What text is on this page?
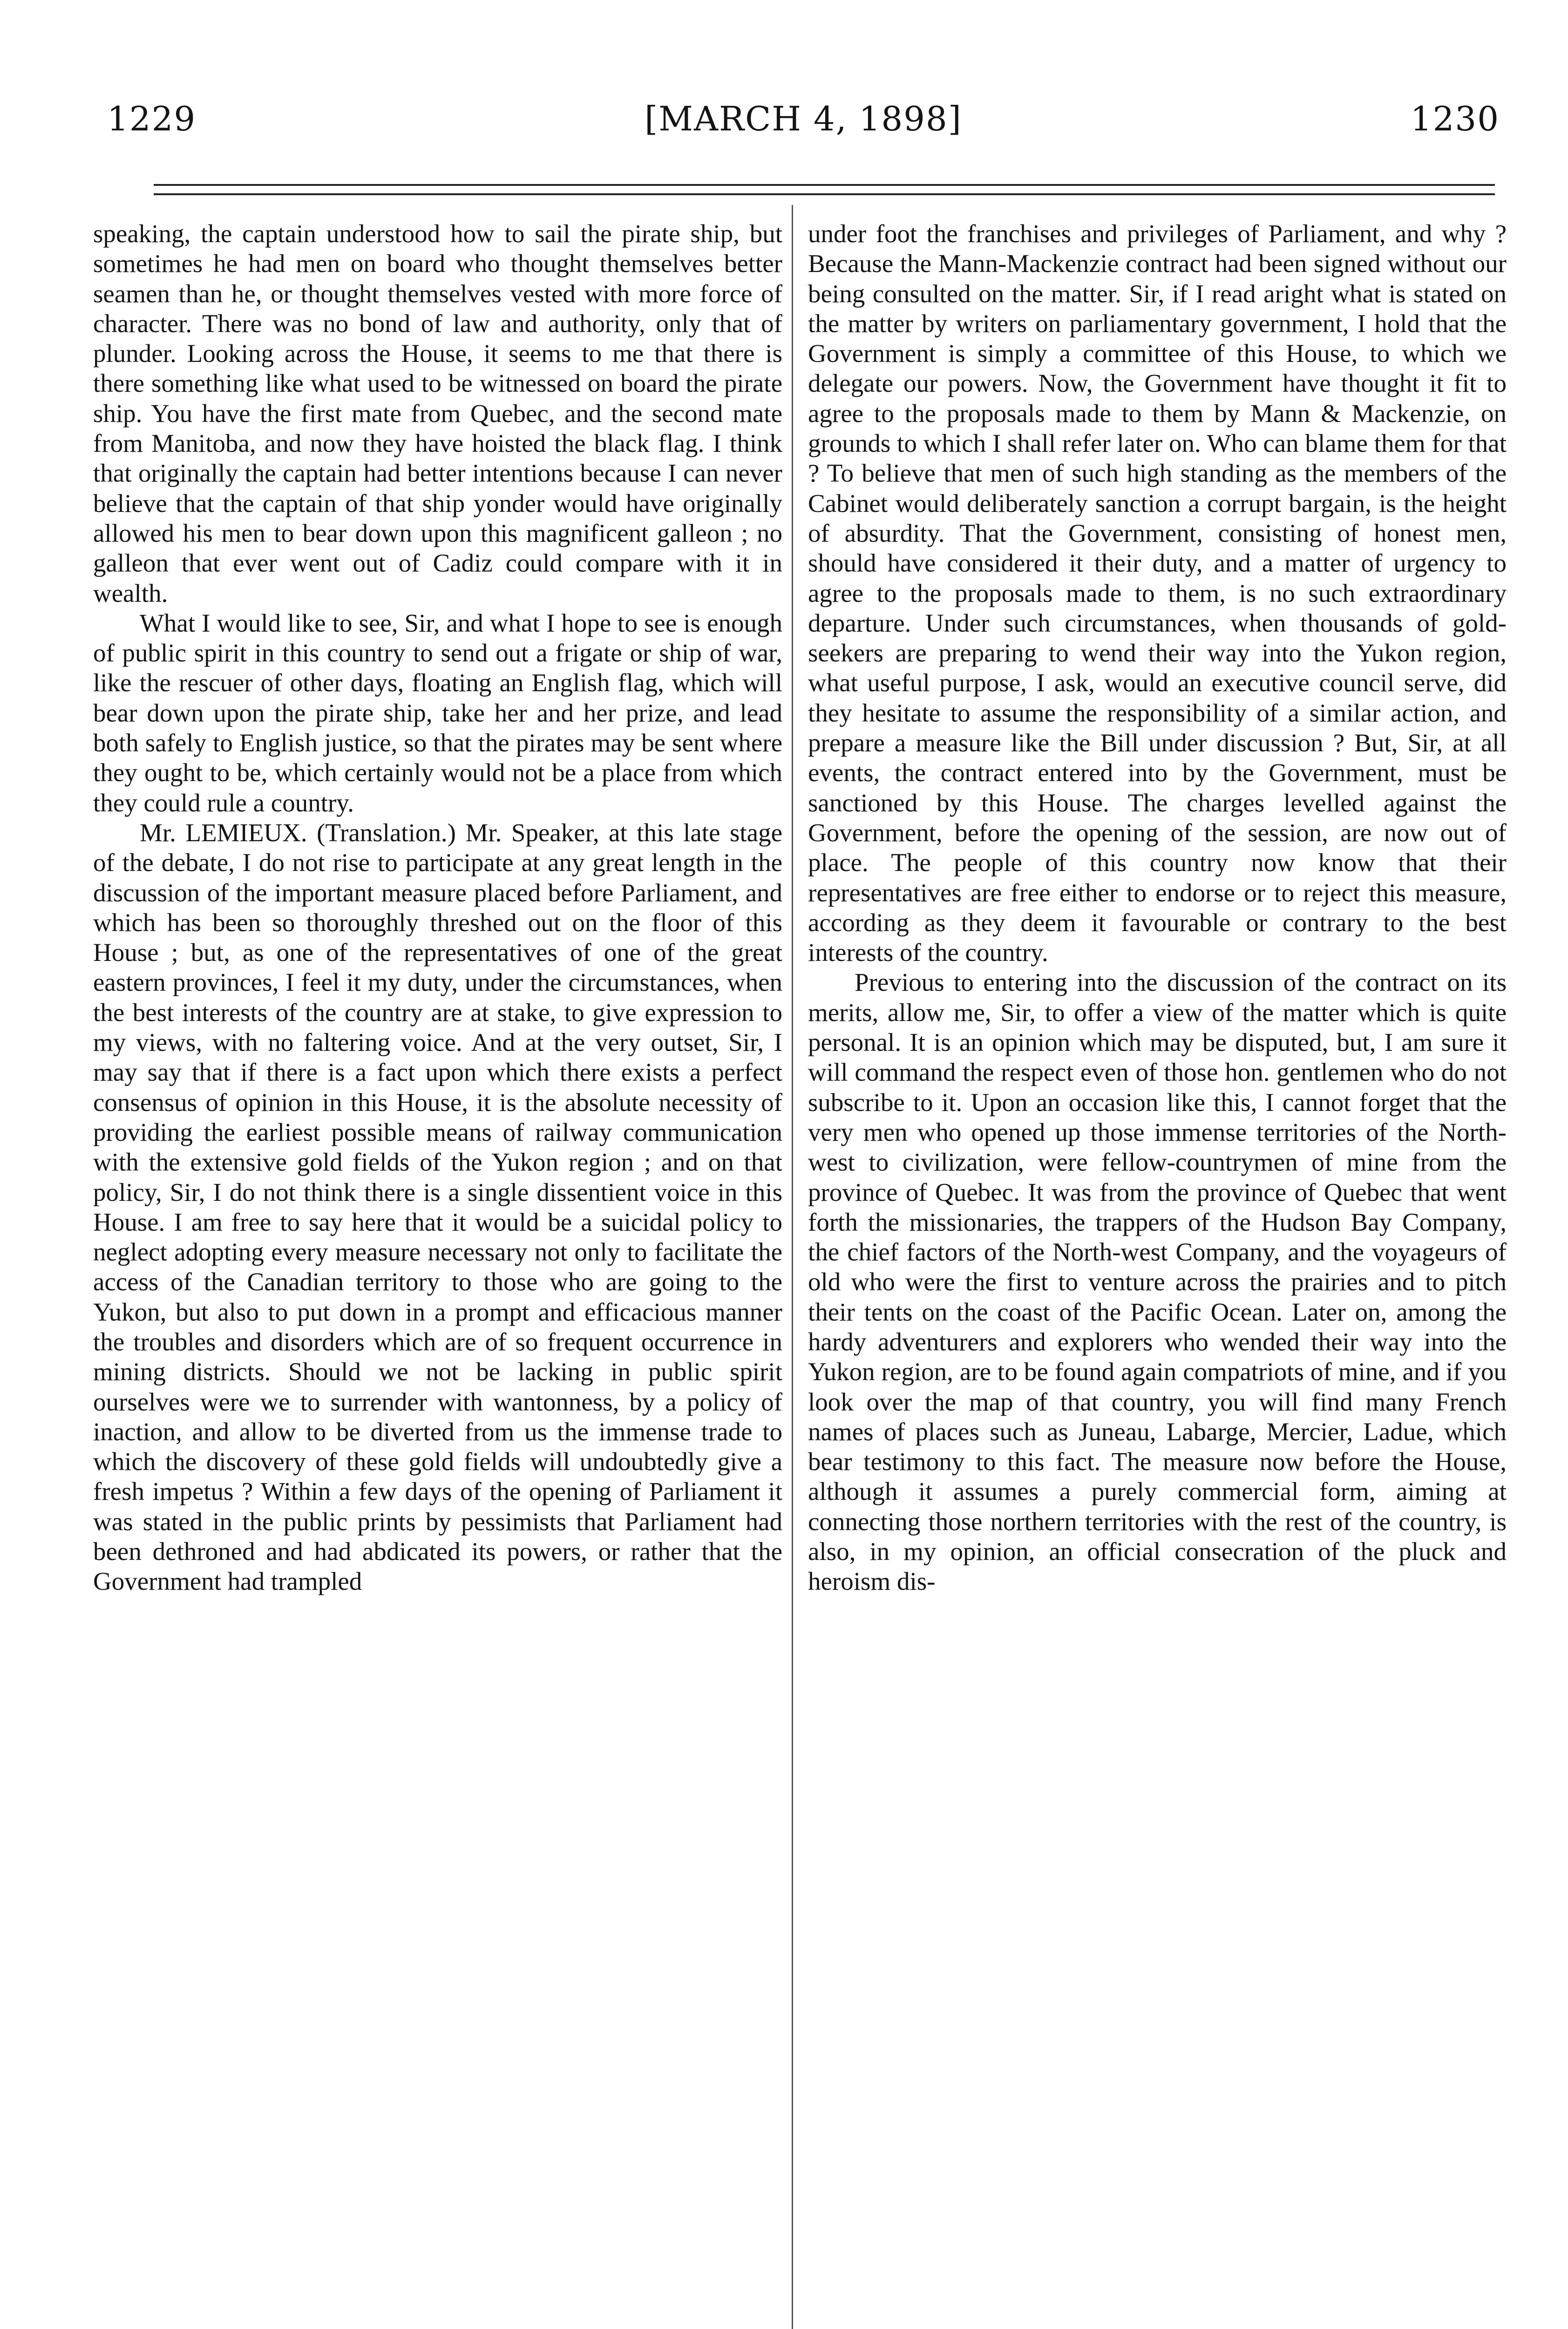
1229	[MARCH 4, 1898]	1230

speaking, the captain understood how to sail the pirate ship, but sometimes he had men on board who thought themselves better seamen than he, or thought themselves vested with more force of character. There was no bond of law and authority, only that of plunder. Looking across the House, it seems to me that there is there something like what used to be witnessed on board the pirate ship. You have the first mate from Quebec, and the second mate from Manitoba, and now they have hoisted the black flag. I think that originally the captain had better intentions because I can never believe that the captain of that ship yonder would have originally allowed his men to bear down upon this magnificent galleon ; no galleon that ever went out of Cadiz could compare with it in wealth.

What I would like to see, Sir, and what I hope to see is enough of public spirit in this country to send out a frigate or ship of war, like the rescuer of other days, floating an English flag, which will bear down upon the pirate ship, take her and her prize, and lead both safely to English justice, so that the pirates may be sent where they ought to be, which certainly would not be a place from which they could rule a country.

Mr. LEMIEUX. (Translation.) Mr. Speaker, at this late stage of the debate, I do not rise to participate at any great length in the discussion of the important measure placed before Parliament, and which has been so thoroughly threshed out on the floor of this House ; but, as one of the representatives of one of the great eastern provinces, I feel it my duty, under the circumstances, when the best interests of the country are at stake, to give expression to my views, with no faltering voice. And at the very outset, Sir, I may say that if there is a fact upon which there exists a perfect consensus of opinion in this House, it is the absolute necessity of providing the earliest possible means of railway communication with the extensive gold fields of the Yukon region ; and on that policy, Sir, I do not think there is a single dissentient voice in this House. I am free to say here that it would be a suicidal policy to neglect adopting every measure necessary not only to facilitate the access of the Canadian territory to those who are going to the Yukon, but also to put down in a prompt and efficacious manner the troubles and disorders which are of so frequent occurrence in mining districts. Should we not be lacking in public spirit ourselves were we to surrender with wantonness, by a policy of inaction, and allow to be diverted from us the immense trade to which the discovery of these gold fields will undoubtedly give a fresh impetus ? Within a few days of the opening of Parliament it was stated in the public prints by pessimists that Parliament had been dethroned and had abdicated its powers, or rather that the Government had trampled

under foot the franchises and privileges of Parliament, and why ? Because the Mann-Mackenzie contract had been signed without our being consulted on the matter. Sir, if I read aright what is stated on the matter by writers on parliamentary government, I hold that the Government is simply a committee of this House, to which we delegate our powers. Now, the Government have thought it fit to agree to the proposals made to them by Mann & Mackenzie, on grounds to which I shall refer later on. Who can blame them for that ? To believe that men of such high standing as the members of the Cabinet would deliberately sanction a corrupt bargain, is the height of absurdity. That the Government, consisting of honest men, should have considered it their duty, and a matter of urgency to agree to the proposals made to them, is no such extraordinary departure. Under such circumstances, when thousands of gold-seekers are preparing to wend their way into the Yukon region, what useful purpose, I ask, would an executive council serve, did they hesitate to assume the responsibility of a similar action, and prepare a measure like the Bill under discussion ? But, Sir, at all events, the contract entered into by the Government, must be sanctioned by this House. The charges levelled against the Government, before the opening of the session, are now out of place. The people of this country now know that their representatives are free either to endorse or to reject this measure, according as they deem it favourable or contrary to the best interests of the country.

Previous to entering into the discussion of the contract on its merits, allow me, Sir, to offer a view of the matter which is quite personal. It is an opinion which may be disputed, but, I am sure it will command the respect even of those hon. gentlemen who do not subscribe to it. Upon an occasion like this, I cannot forget that the very men who opened up those immense territories of the North-west to civilization, were fellow-countrymen of mine from the province of Quebec. It was from the province of Quebec that went forth the missionaries, the trappers of the Hudson Bay Company, the chief factors of the North-west Company, and the voyageurs of old who were the first to venture across the prairies and to pitch their tents on the coast of the Pacific Ocean. Later on, among the hardy adventurers and explorers who wended their way into the Yukon region, are to be found again compatriots of mine, and if you look over the map of that country, you will find many French names of places such as Juneau, Labarge, Mercier, Ladue, which bear testimony to this fact. The measure now before the House, although it assumes a purely commercial form, aiming at connecting those northern territories with the rest of the country, is also, in my opinion, an official consecration of the pluck and heroism dis-
